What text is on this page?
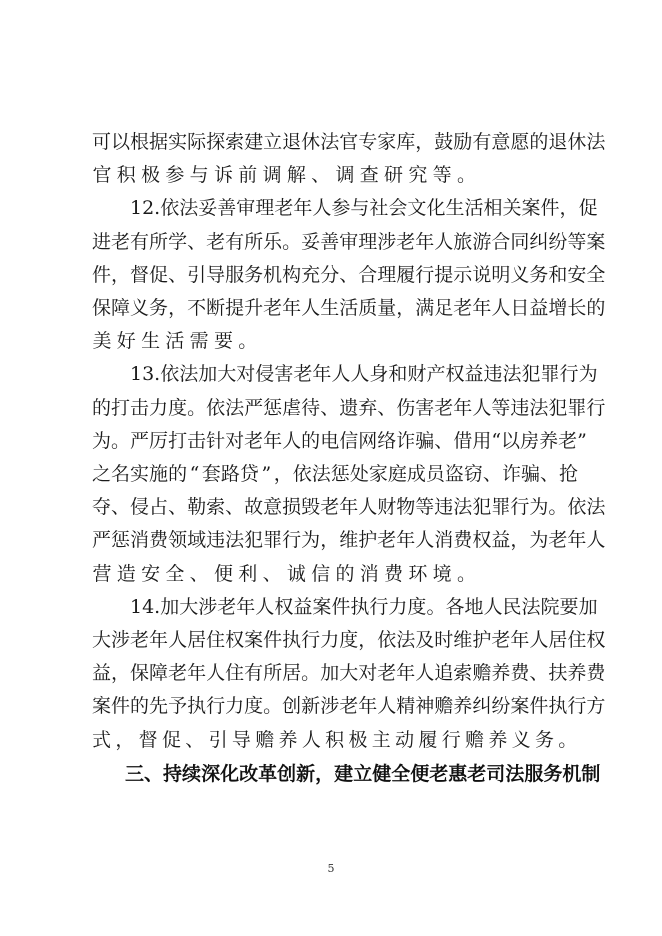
可 以 根 据 实 际 探 索 建 立 退 休 法 官 专 家 库 ， 鼓 励 有 意 愿 的 退 休 法
官 积 极 参 与 诉 前 调 解 、 调 查 研 究 等 。
12. 依 法 妥 善 审 理 老 年 人 参 与 社 会 文 化 生 活 相 关 案 件 ， 促
进 老 有 所 学 、 老 有 所 乐 。 妥 善 审 理 涉 老 年 人 旅 游 合 同 纠 纷 等 案
件 ， 督 促 、 引 导 服 务 机 构 充 分 、 合 理 履 行 提 示 说 明 义 务 和 安 全
保 障 义 务 ， 不 断 提 升 老 年 人 生 活 质 量 ， 满 足 老 年 人 日 益 增 长 的
美 好 生 活 需 要 。
13. 依 法 加 大 对 侵 害 老 年 人 人 身 和 财 产 权 益 违 法 犯 罪 行 为
的 打 击 力 度 。 依 法 严 惩 虐 待 、 遗 弃 、 伤 害 老 年 人 等 违 法 犯 罪 行
为 。 严 厉 打 击 针 对 老 年 人 的 电 信 网 络 诈 骗 、 借 用 “ 以 房 养 老 ”
之 名 实 施 的 “ 套 路 贷 ” ， 依 法 惩 处 家 庭 成 员 盗 窃 、 诈 骗 、 抢
夺 、 侵 占 、 勒 索 、 故 意 损 毁 老 年 人 财 物 等 违 法 犯 罪 行 为 。 依 法
严 惩 消 费 领 域 违 法 犯 罪 行 为 ， 维 护 老 年 人 消 费 权 益 ， 为 老 年 人
营 造 安 全 、 便 利 、 诚 信 的 消 费 环 境 。
14. 加 大 涉 老 年 人 权 益 案 件 执 行 力 度 。 各 地 人 民 法 院 要 加
大 涉 老 年 人 居 住 权 案 件 执 行 力 度 ， 依 法 及 时 维 护 老 年 人 居 住 权
益 ， 保 障 老 年 人 住 有 所 居 。 加 大 对 老 年 人 追 索 赡 养 费 、 扶 养 费
案 件 的 先 予 执 行 力 度 。 创 新 涉 老 年 人 精 神 赡 养 纠 纷 案 件 执 行 方
式 ， 督 促 、 引 导 赡 养 人 积 极 主 动 履 行 赡 养 义 务 。
三 、 持 续 深 化 改 革 创 新 ， 建 立 健 全 便 老 惠 老 司 法 服 务 机 制
5
